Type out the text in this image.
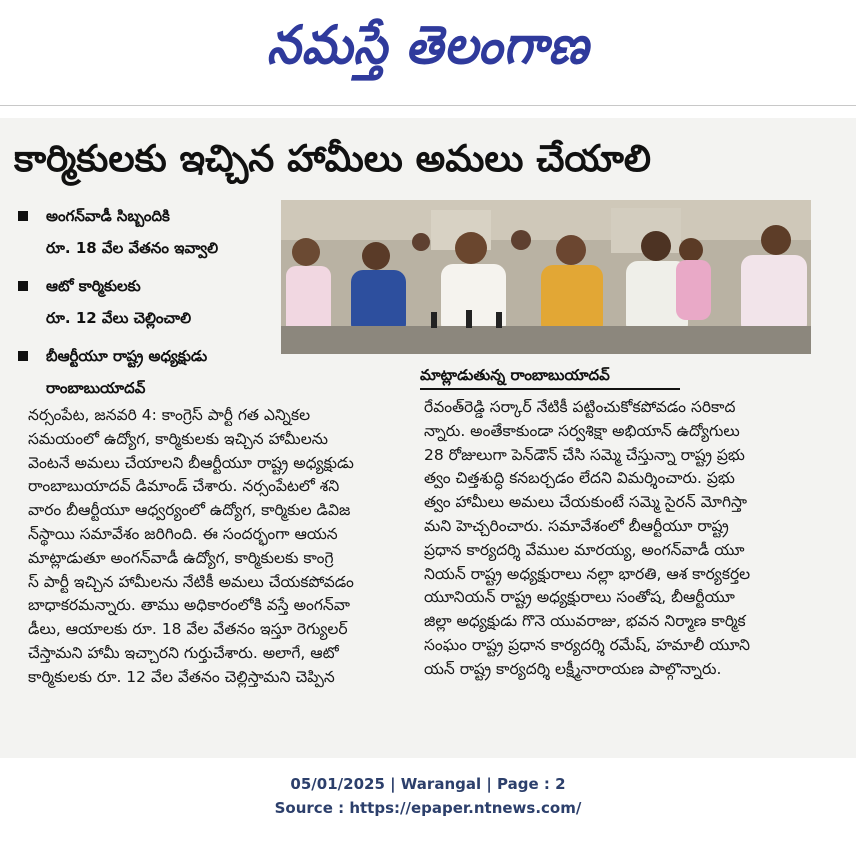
నమస్తే తెలంగాణ
కార్మికులకు ఇచ్చిన హామీలు అమలు చేయాలి
అంగన్‌వాడీ సిబ్బందికి
రూ. 18 వేల వేతనం ఇవ్వాలి
ఆటో కార్మికులకు
రూ. 12 వేలు చెల్లించాలి
బీఆర్టీయూ రాష్ట్ర అధ్యక్షుడు
రాంబాబుయాదవ్
మాట్లాడుతున్న రాంబాబుయాదవ్
నర్సంపేట, జనవరి 4: కాంగ్రెస్ పార్టీ గత ఎన్నికల
సమయంలో ఉద్యోగ, కార్మికులకు ఇచ్చిన హామీలను
వెంటనే అమలు చేయాలని బీఆర్టీయూ రాష్ట్ర అధ్యక్షుడు
రాంబాబుయాదవ్ డిమాండ్ చేశారు. నర్సంపేటలో శని
వారం బీఆర్టీయూ ఆధ్వర్యంలో ఉద్యోగ, కార్మికుల డివిజ
న్‌స్థాయి సమావేశం జరిగింది. ఈ సందర్భంగా ఆయన
మాట్లాడుతూ అంగన్‌వాడీ ఉద్యోగ, కార్మికులకు కాంగ్రె
స్ పార్టీ ఇచ్చిన హామీలను నేటికీ అమలు చేయకపోవడం
బాధాకరమన్నారు. తాము అధికారంలోకి వస్తే అంగన్‌వా
డీలు, ఆయాలకు రూ. 18 వేల వేతనం ఇస్తూ రెగ్యులర్
చేస్తామని హామీ ఇచ్చారని గుర్తుచేశారు. అలాగే, ఆటో
కార్మికులకు రూ. 12 వేల వేతనం చెల్లిస్తామని చెప్పిన
రేవంత్‌రెడ్డి సర్కార్ నేటికీ పట్టించుకోకపోవడం సరికాద
న్నారు. అంతేకాకుండా సర్వశిక్షా అభియాన్ ఉద్యోగులు
28 రోజులుగా పెన్‌డౌన్ చేసి సమ్మె చేస్తున్నా రాష్ట్ర ప్రభు
త్వం చిత్తశుద్ధి కనబర్చడం లేదని విమర్శించారు. ప్రభు
త్వం హామీలు అమలు చేయకుంటే సమ్మె సైరన్ మోగిస్తా
మని హెచ్చరించారు. సమావేశంలో బీఆర్టీయూ రాష్ట్ర
ప్రధాన కార్యదర్శి వేముల మారయ్య, అంగన్‌వాడీ యూ
నియన్ రాష్ట్ర అధ్యక్షురాలు నల్లా భారతి, ఆశ కార్యకర్తల
యూనియన్ రాష్ట్ర అధ్యక్షురాలు సంతోష, బీఆర్టీయూ
జిల్లా అధ్యక్షుడు గొనె యువరాజు, భవన నిర్మాణ కార్మిక
సంఘం రాష్ట్ర ప్రధాన కార్యదర్శి రమేష్, హమాలీ యూని
యన్ రాష్ట్ర కార్యదర్శి లక్ష్మీనారాయణ పాల్గొన్నారు.
05/01/2025 | Warangal | Page : 2
Source : https://epaper.ntnews.com/
